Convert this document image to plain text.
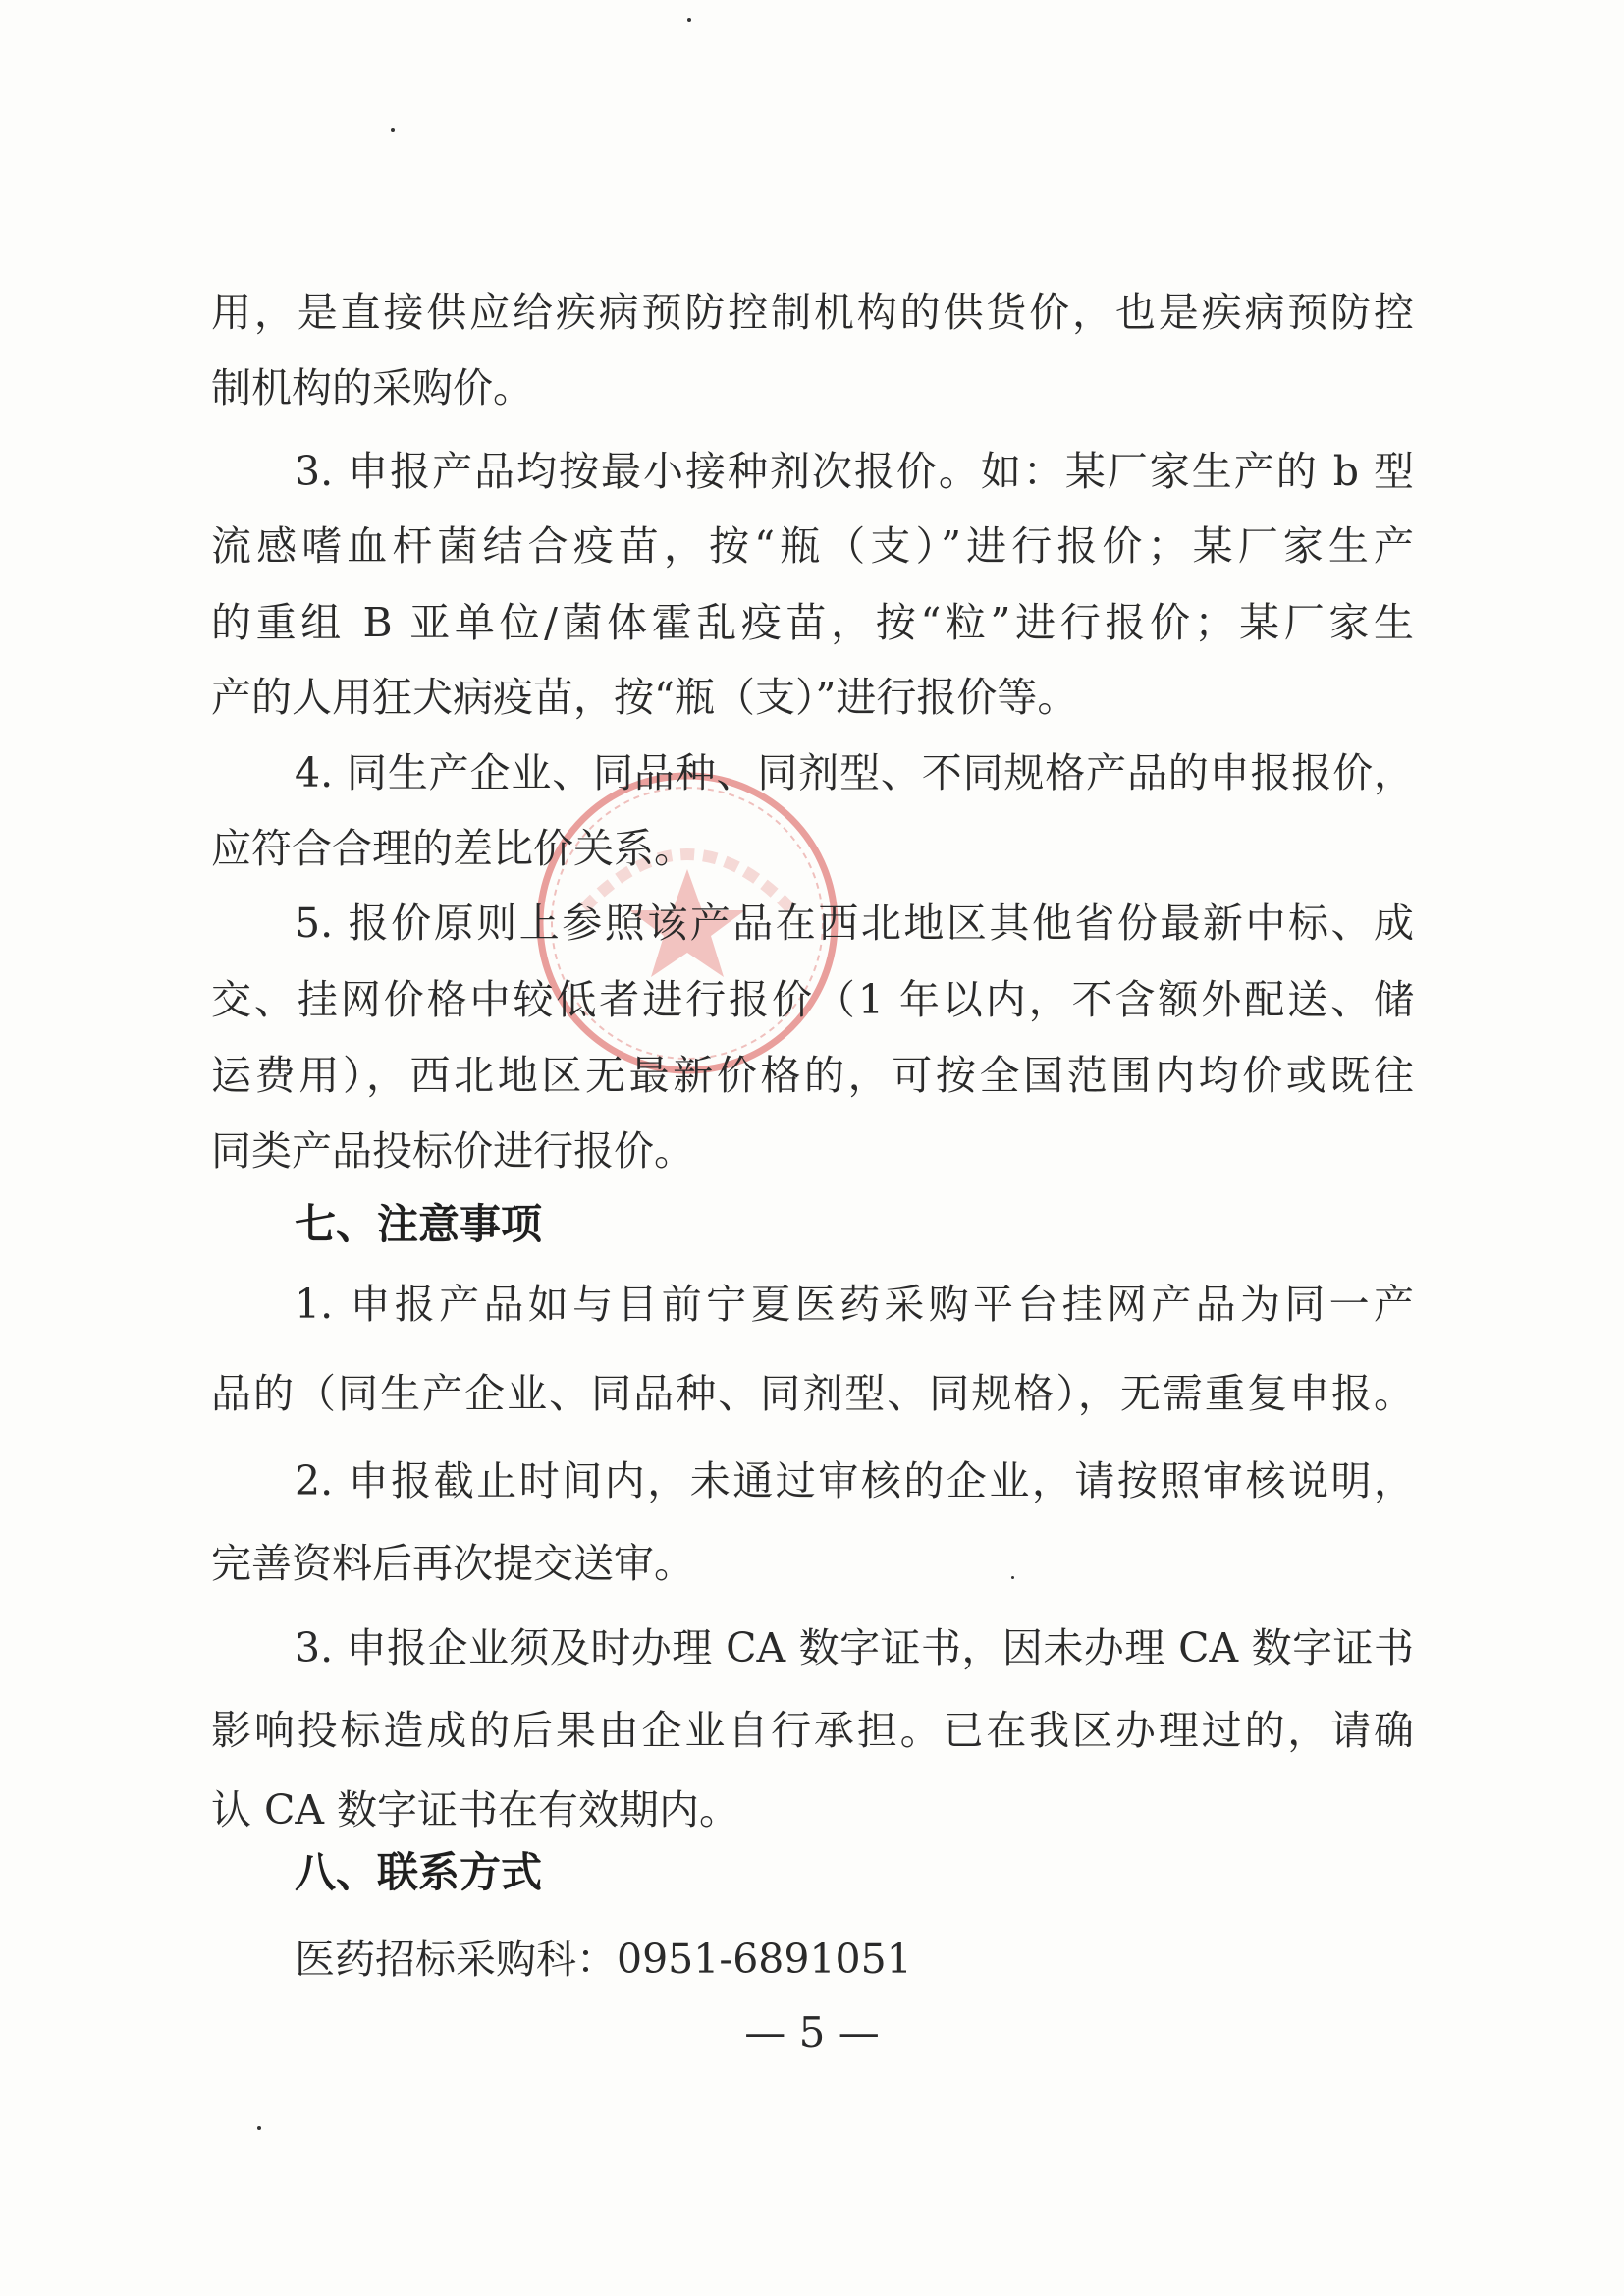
用，是直接供应给疾病预防控制机构的供货价，也是疾病预防控
制机构的采购价。
3. 申报产品均按最小接种剂次报价。如：某厂家生产的 b 型
流感嗜血杆菌结合疫苗，按“瓶（支）”进行报价；某厂家生产
的重组 B 亚单位/菌体霍乱疫苗，按“粒”进行报价；某厂家生
产的人用狂犬病疫苗，按“瓶（支）”进行报价等。
4. 同生产企业、同品种、同剂型、不同规格产品的申报报价，
应符合合理的差比价关系。
5. 报价原则上参照该产品在西北地区其他省份最新中标、成
交、挂网价格中较低者进行报价（1 年以内，不含额外配送、储
运费用），西北地区无最新价格的，可按全国范围内均价或既往
同类产品投标价进行报价。
七、注意事项
1. 申报产品如与目前宁夏医药采购平台挂网产品为同一产
品的（同生产企业、同品种、同剂型、同规格），无需重复申报。
2. 申报截止时间内，未通过审核的企业，请按照审核说明，
完善资料后再次提交送审。
3. 申报企业须及时办理 CA 数字证书，因未办理 CA 数字证书
影响投标造成的后果由企业自行承担。已在我区办理过的，请确
认 CA 数字证书在有效期内。
八、联系方式
医药招标采购科：0951-6891051
— 5 —
